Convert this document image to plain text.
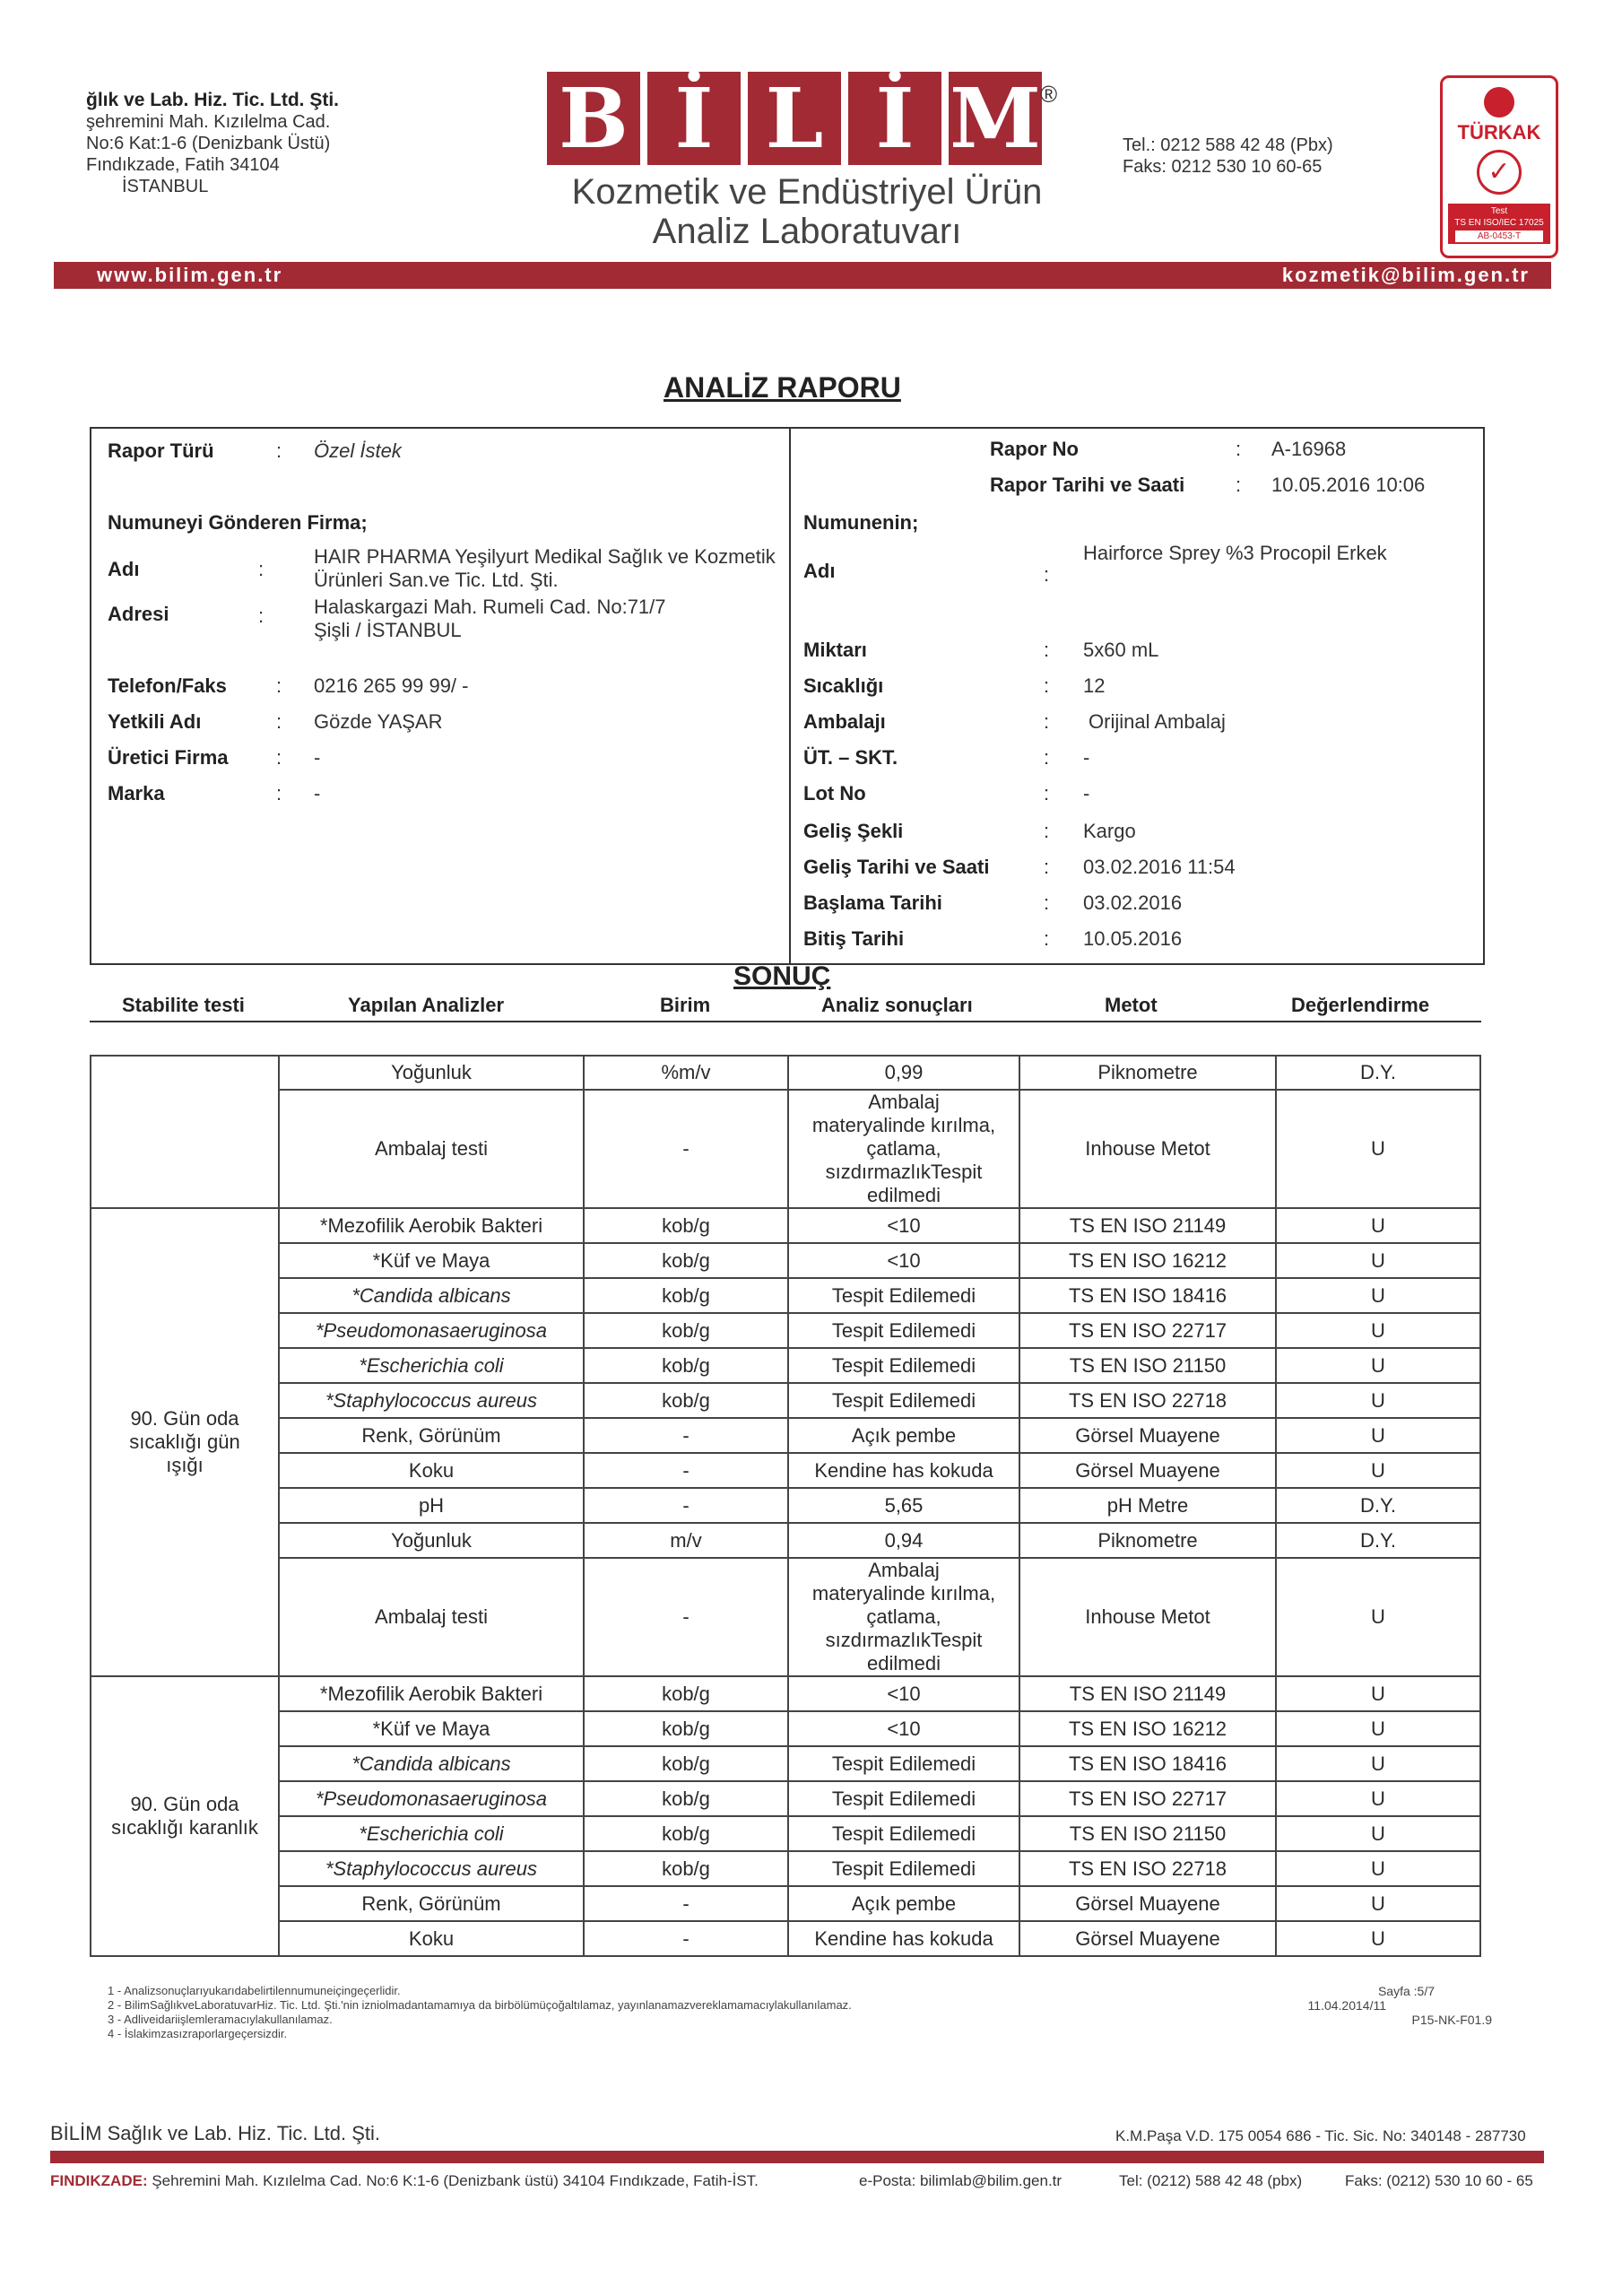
ğlık ve Lab. Hiz. Tic. Ltd. Şti.
şehremini Mah. Kızılelma Cad.
No:6 Kat:1-6 (Denizbank Üstü)
Fındıkzade, Fatih 34104
İSTANBUL
B İ L İ M
Kozmetik ve Endüstriyel Ürün
Analiz Laboratuvarı
®
Tel.: 0212 588 42 48 (Pbx)
Faks: 0212 530 10 60-65
TÜRKAK
✓
Test
TS EN ISO/IEC 17025
AB-0453-T
www.bilim.gen.tr	kozmetik@bilim.gen.tr
ANALİZ RAPORU
Rapor Türü	: Özel İstek	Rapor No	: A-16968
Rapor Tarihi ve Saati	: 10.05.2016 10:06
Numuneyi Gönderen Firma;	Numunenin;
Adı	:
HAIR PHARMA Yeşilyurt Medikal Sağlık ve Kozmetik
Ürünleri San.ve Tic. Ltd. Şti.
Adresi	:	Halaskargazi Mah. Rumeli Cad. No:71/7
Şişli / İSTANBUL
Telefon/Faks	: 0216 265 99 99/ -
Yetkili Adı	: Gözde YAŞAR
Üretici Firma : -
Marka	: -
Adı	:
Hairforce Sprey %3 Procopil Erkek
Miktarı	: 5x60 mL
Sıcaklığı	: 12
Ambalajı	: Orijinal Ambalaj
ÜT. – SKT.	: -
Lot No	: -
Geliş Şekli	: Kargo
Geliş Tarihi ve Saati	: 03.02.2016 11:54
Başlama Tarihi	: 03.02.2016
Bitiş Tarihi	: 10.05.2016
SONUÇ
Stabilite testi	Yapılan Analizler	Birim	Analiz sonuçları	Metot	Değerlendirme
	Yoğunluk	%m/v	0,99	Piknometre	D.Y.
	Ambalaj testi	-	Ambalaj
materyalinde kırılma,
çatlama,
sızdırmazlıkTespit
edilmedi	Inhouse Metot	U

90. Gün oda
sıcaklığı gün
ışığı	*Mezofilik Aerobik Bakteri	kob/g	<10	TS EN ISO 21149	U
	*Küf ve Maya	kob/g	<10	TS EN ISO 16212	U
	*Candida albicans	kob/g	Tespit Edilemedi	TS EN ISO 18416	U
	*Pseudomonasaeruginosa	kob/g	Tespit Edilemedi	TS EN ISO 22717	U
	*Escherichia coli	kob/g	Tespit Edilemedi	TS EN ISO 21150	U
	*Staphylococcus aureus	kob/g	Tespit Edilemedi	TS EN ISO 22718	U
	Renk, Görünüm	-	Açık pembe	Görsel Muayene	U
	Koku	-	Kendine has kokuda	Görsel Muayene	U
	pH	-	5,65	pH Metre	D.Y.
	Yoğunluk	m/v	0,94	Piknometre	D.Y.
	Ambalaj testi	-	Ambalaj
materyalinde kırılma,
çatlama,
sızdırmazlıkTespit
edilmedi	Inhouse Metot	U

90. Gün oda
sıcaklığı karanlık	*Mezofilik Aerobik Bakteri	kob/g	<10	TS EN ISO 21149	U
	*Küf ve Maya	kob/g	<10	TS EN ISO 16212	U
	*Candida albicans	kob/g	Tespit Edilemedi	TS EN ISO 18416	U
	*Pseudomonasaeruginosa	kob/g	Tespit Edilemedi	TS EN ISO 22717	U
	*Escherichia coli	kob/g	Tespit Edilemedi	TS EN ISO 21150	U
	*Staphylococcus aureus	kob/g	Tespit Edilemedi	TS EN ISO 22718	U
	Renk, Görünüm	-	Açık pembe	Görsel Muayene	U
	Koku	-	Kendine has kokuda	Görsel Muayene	U
1 - Analizsonuçlarıyukarıdabelirtilennumuneiçingeçerlidir.
2 - BilimSağlıkveLaboratuvarHiz. Tic. Ltd. Şti.'nin izniolmadantamamıya da birbölümüçoğaltılamaz, yayınlanamazvereklamamacıylakullanılamaz.
3 - Adliveidariişlemleramacıylakullanılamaz.
4 - İslakimzasızraporlargeçersizdir.
Sayfa :5/7
11.04.2014/11
P15-NK-F01.9
BİLİM Sağlık ve Lab. Hiz. Tic. Ltd. Şti.	K.M.Paşa V.D. 175 0054 686 - Tic. Sic. No: 340148 - 287730
FINDIKZADE: Şehremini Mah. Kızılelma Cad. No:6 K:1-6 (Denizbank üstü) 34104 Fındıkzade, Fatih-İST.	e-Posta: bilimlab@bilim.gen.tr	Tel: (0212) 588 42 48 (pbx)	Faks: (0212) 530 10 60 - 65
